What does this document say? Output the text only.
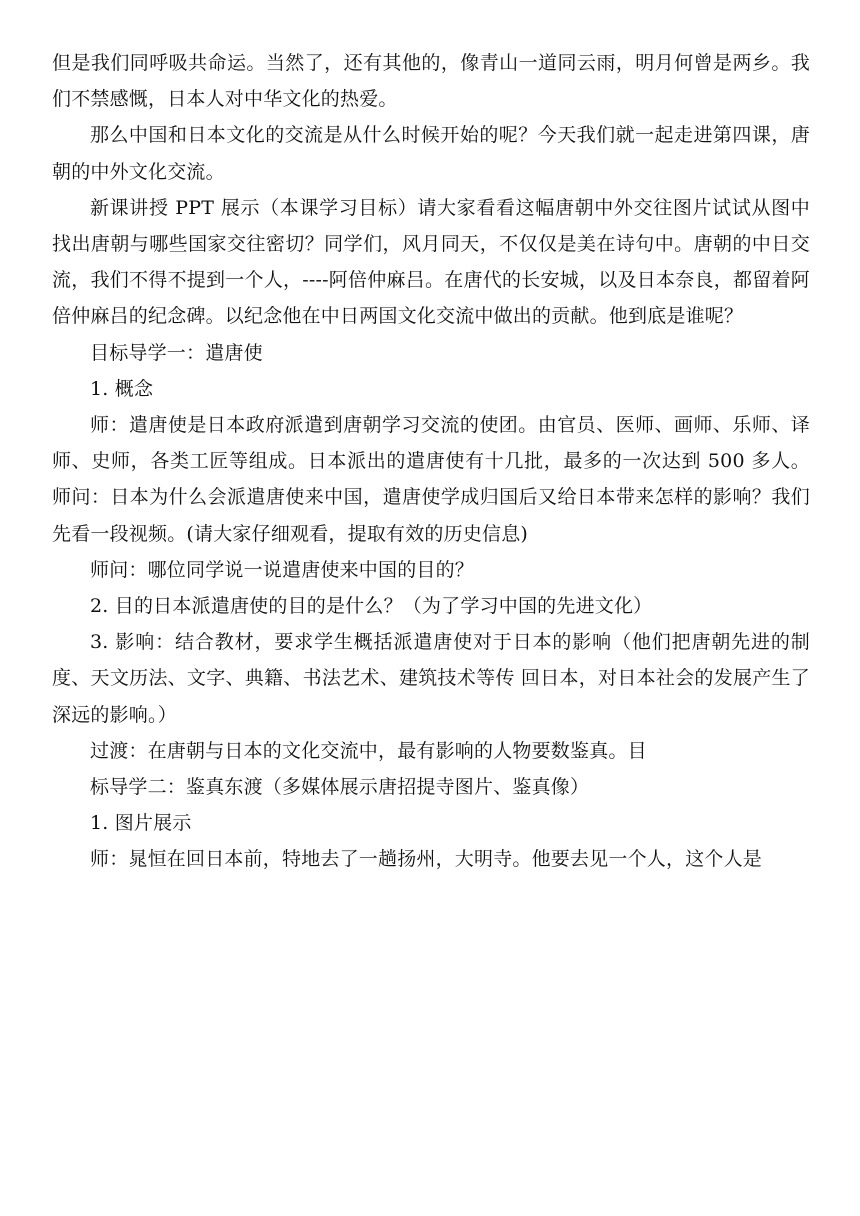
但是我们同呼吸共命运。当然了，还有其他的，像青山一道同云雨，明月何曾是两乡。我们不禁感慨，日本人对中华文化的热爱。

那么中国和日本文化的交流是从什么时候开始的呢？今天我们就一起走进第四课，唐朝的中外文化交流。

新课讲授 PPT 展示（本课学习目标）请大家看看这幅唐朝中外交往图片试试从图中找出唐朝与哪些国家交往密切？同学们，风月同天，不仅仅是美在诗句中。唐朝的中日交流，我们不得不提到一个人，----阿倍仲麻吕。在唐代的长安城，以及日本奈良，都留着阿倍仲麻吕的纪念碑。以纪念他在中日两国文化交流中做出的贡献。他到底是谁呢？

目标导学一：遣唐使

1. 概念

师：遣唐使是日本政府派遣到唐朝学习交流的使团。由官员、医师、画师、乐师、译师、史师，各类工匠等组成。日本派出的遣唐使有十几批，最多的一次达到 500 多人。师问：日本为什么会派遣唐使来中国，遣唐使学成归国后又给日本带来怎样的影响？我们先看一段视频。(请大家仔细观看，提取有效的历史信息)

师问：哪位同学说一说遣唐使来中国的目的？

2. 目的日本派遣唐使的目的是什么？（为了学习中国的先进文化）

3. 影响：结合教材，要求学生概括派遣唐使对于日本的影响（他们把唐朝先进的制度、天文历法、文字、典籍、书法艺术、建筑技术等传 回日本，对日本社会的发展产生了深远的影响。）

过渡：在唐朝与日本的文化交流中，最有影响的人物要数鉴真。目

标导学二：鉴真东渡（多媒体展示唐招提寺图片、鉴真像）

1. 图片展示

师：晁恒在回日本前，特地去了一趟扬州，大明寺。他要去见一个人，这个人是
